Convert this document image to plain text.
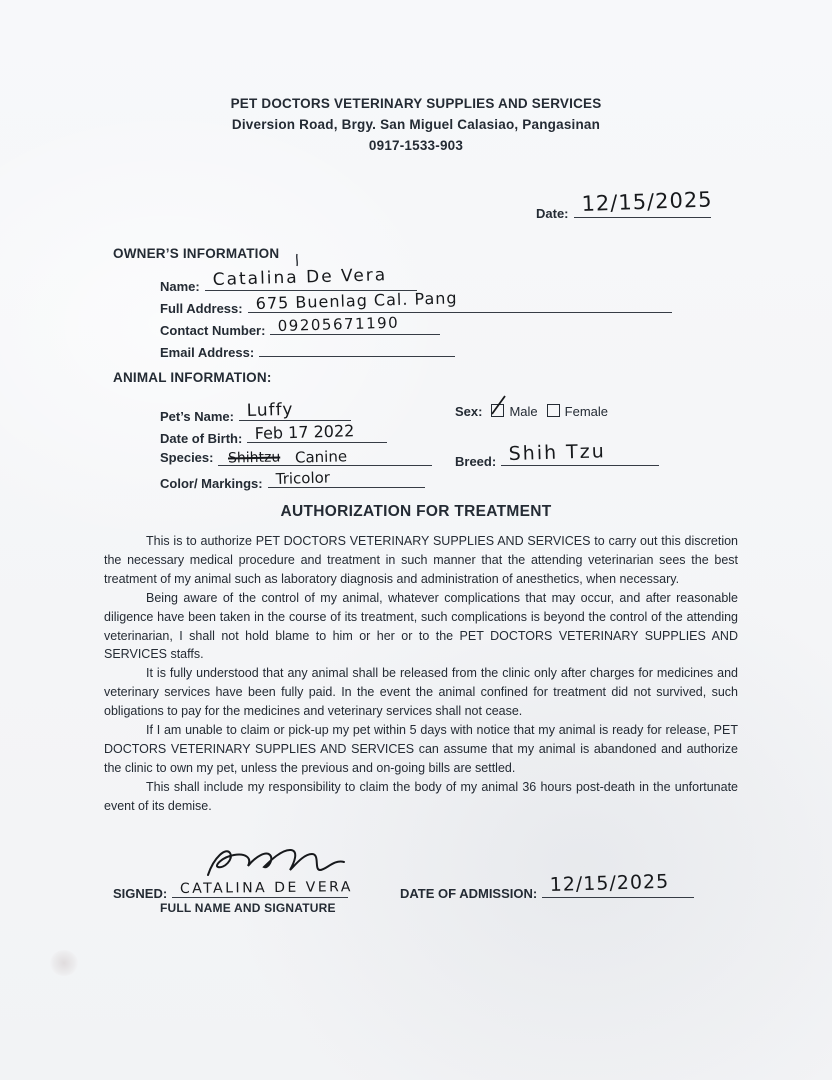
PET DOCTORS VETERINARY SUPPLIES AND SERVICES
Diversion Road, Brgy. San Miguel Calasiao, Pangasinan
0917-1533-903
Date: 12/15/2025
OWNER’S INFORMATION
Name: Catalina De Vera
Full Address: 675 Buenlag Cal. Pang
Contact Number: 09205671190
Email Address:
ANIMAL INFORMATION:
Pet’s Name: Luffy	Sex: Male Female
Date of Birth: Feb 17 2022
Species: Shihtzu Canine	Breed: Shih Tzu
Color/ Markings: Tricolor
AUTHORIZATION FOR TREATMENT

This is to authorize PET DOCTORS VETERINARY SUPPLIES AND SERVICES to carry out this discretion the necessary medical procedure and treatment in such manner that the attending veterinarian sees the best treatment of my animal such as laboratory diagnosis and administration of anesthetics, when necessary.

Being aware of the control of my animal, whatever complications that may occur, and after reasonable diligence have been taken in the course of its treatment, such complications is beyond the control of the attending veterinarian, I shall not hold blame to him or her or to the PET DOCTORS VETERINARY SUPPLIES AND SERVICES staffs.

It is fully understood that any animal shall be released from the clinic only after charges for medicines and veterinary services have been fully paid. In the event the animal confined for treatment did not survived, such obligations to pay for the medicines and veterinary services shall not cease.

If I am unable to claim or pick-up my pet within 5 days with notice that my animal is ready for release, PET DOCTORS VETERINARY SUPPLIES AND SERVICES can assume that my animal is abandoned and authorize the clinic to own my pet, unless the previous and on-going bills are settled.

This shall include my responsibility to claim the body of my animal 36 hours post-death in the unfortunate event of its demise.

SIGNED: CATALINA DE VERA
FULL NAME AND SIGNATURE
DATE OF ADMISSION: 12/15/2025
